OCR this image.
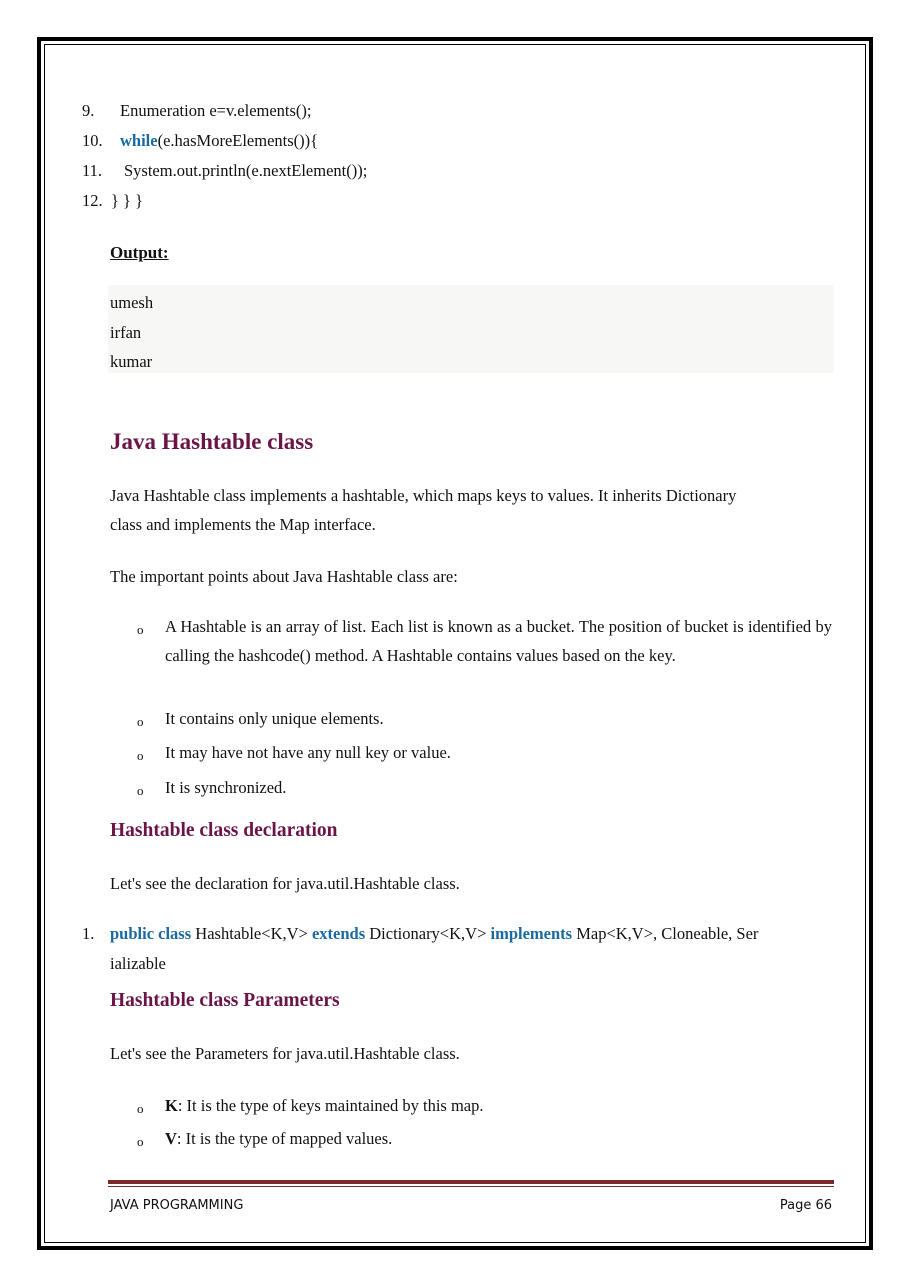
9. Enumeration e=v.elements();
10. while(e.hasMoreElements()){
11. System.out.println(e.nextElement());
12. } } }
Output:
umesh
irfan
kumar
Java Hashtable class
Java Hashtable class implements a hashtable, which maps keys to values. It inherits Dictionary
class and implements the Map interface.
The important points about Java Hashtable class are:
o A Hashtable is an array of list. Each list is known as a bucket. The position of bucket is identified by calling the hashcode() method. A Hashtable contains values based on the key.
o It contains only unique elements.
o It may have not have any null key or value.
o It is synchronized.
Hashtable class declaration
Let's see the declaration for java.util.Hashtable class.
1. public class Hashtable<K,V> extends Dictionary<K,V> implements Map<K,V>, Cloneable, Ser
ializable
Hashtable class Parameters
Let's see the Parameters for java.util.Hashtable class.
o K: It is the type of keys maintained by this map.
o V: It is the type of mapped values.
JAVA PROGRAMMING	Page 66
